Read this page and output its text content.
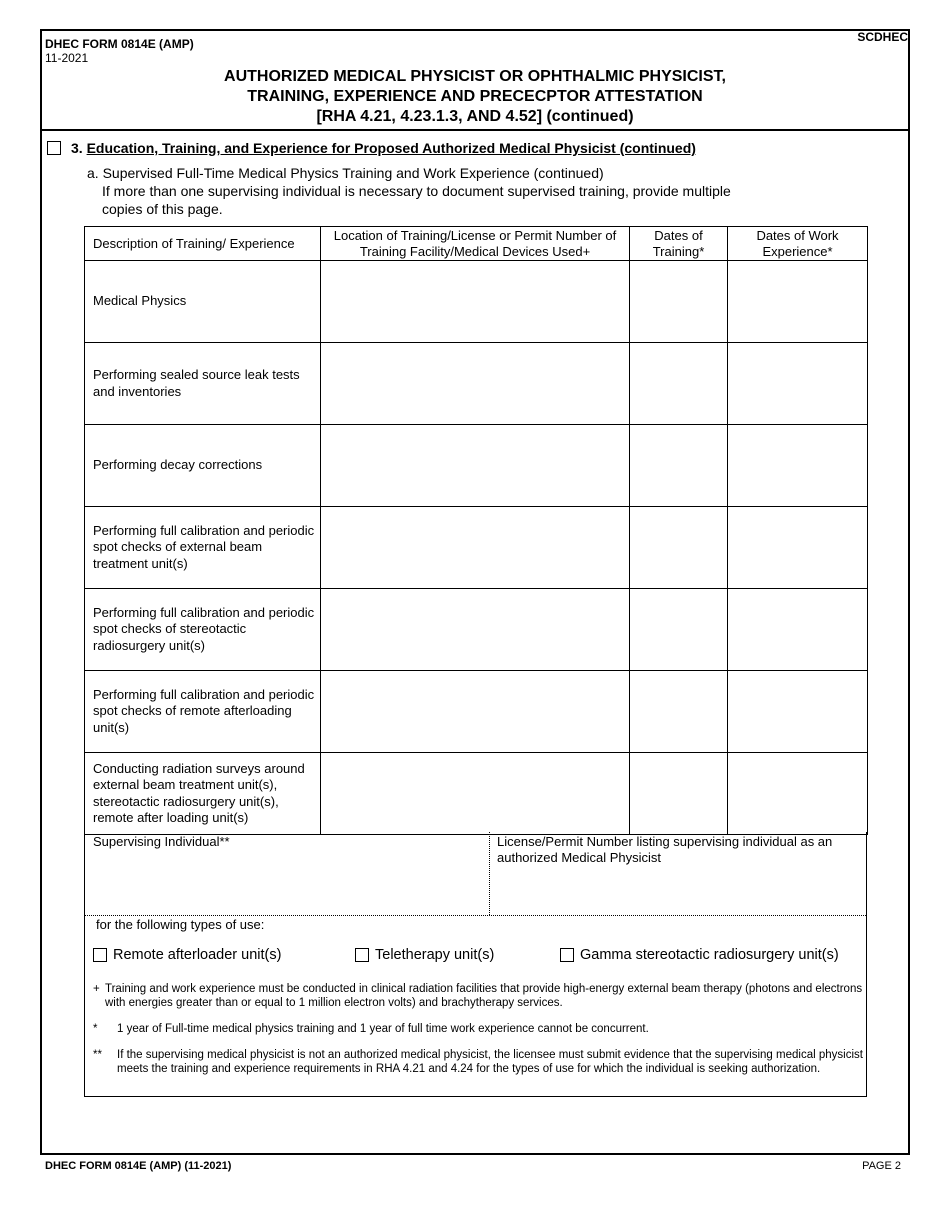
SCDHEC
DHEC FORM 0814E (AMP)
11-2021
AUTHORIZED MEDICAL PHYSICIST OR OPHTHALMIC PHYSICIST,
TRAINING, EXPERIENCE AND PRECECPTOR ATTESTATION
[RHA 4.21, 4.23.1.3, AND 4.52] (continued)
3. Education, Training, and Experience for Proposed Authorized Medical Physicist (continued)

a. Supervised Full-Time Medical Physics Training and Work Experience (continued)

If more than one supervising individual is necessary to document supervised training, provide multiple

copies of this page.

Description of Training/ Experience	Location of Training/License or Permit Number of Training Facility/Medical Devices Used+	Dates of Training*	Dates of Work Experience*
Medical Physics			
Performing sealed source leak tests and inventories			
Performing decay corrections			
Performing full calibration and periodic spot checks of external beam treatment unit(s)			
Performing full calibration and periodic spot checks of stereotactic radiosurgery unit(s)			
Performing full calibration and periodic spot checks of remote afterloading unit(s)			
Conducting radiation surveys around external beam treatment unit(s), stereotactic radiosurgery unit(s), remote after loading unit(s)			
Supervising Individual**	License/Permit Number listing supervising individual as an authorized Medical Physicist
for the following types of use:
Remote afterloader unit(s)	Teletherapy unit(s)	Gamma stereotactic radiosurgery unit(s)
+ Training and work experience must be conducted in clinical radiation facilities that provide high-energy external beam therapy (photons and electrons with energies greater than or equal to 1 million electron volts) and brachytherapy services.
*	1 year of Full-time medical physics training and 1 year of full time work experience cannot be concurrent.
**	If the supervising medical physicist is not an authorized medical physicist, the licensee must submit evidence that the supervising medical physicist meets the training and experience requirements in RHA 4.21 and 4.24 for the types of use for which the individual is seeking authorization.
DHEC FORM 0814E (AMP) (11-2021)	PAGE 2
